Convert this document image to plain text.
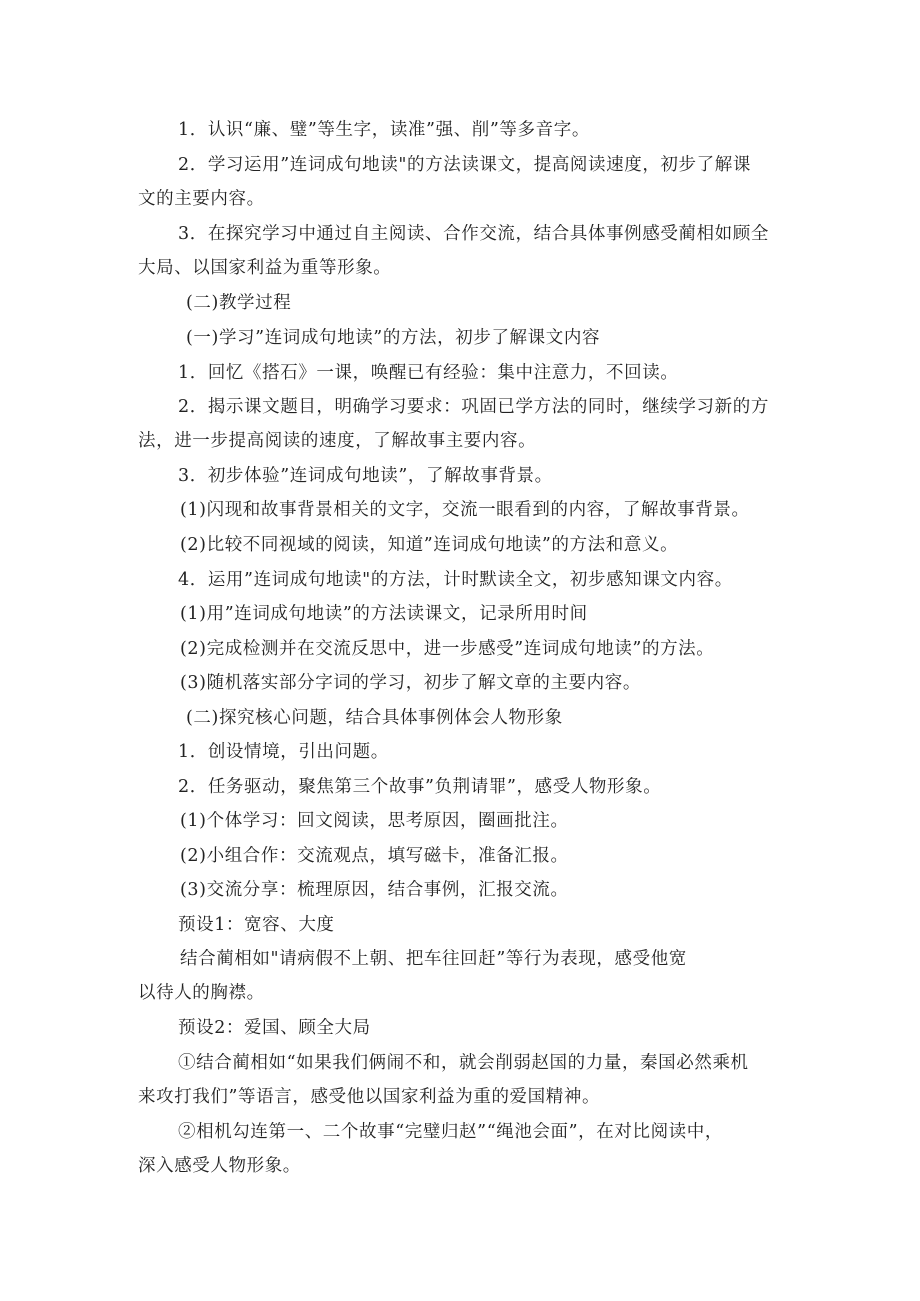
1．认识“廉、璧”等生字，读准”强、削”等多音字。
2．学习运用”连词成句地读"的方法读课文，提高阅读速度，初步了解课
文的主要内容。
3．在探究学习中通过自主阅读、合作交流，结合具体事例感受蔺相如顾全
大局、以国家利益为重等形象。
(二)教学过程
(一)学习”连词成句地读”的方法，初步了解课文内容
1．回忆《搭石》一课，唤醒已有经验：集中注意力，不回读。
2．揭示课文题目，明确学习要求：巩固已学方法的同时，继续学习新的方
法，进一步提高阅读的速度，了解故事主要内容。
3．初步体验”连词成句地读”，了解故事背景。
(1)闪现和故事背景相关的文字，交流一眼看到的内容，了解故事背景。
(2)比较不同视域的阅读，知道”连词成句地读”的方法和意义。
4．运用”连词成句地读"的方法，计时默读全文，初步感知课文内容。
(1)用”连词成句地读”的方法读课文，记录所用时间
(2)完成检测并在交流反思中，进一步感受”连词成句地读”的方法。
(3)随机落实部分字词的学习，初步了解文章的主要内容。
(二)探究核心问题，结合具体事例体会人物形象
1．创设情境，引出问题。
2．任务驱动，聚焦第三个故事”负荆请罪”，感受人物形象。
(1)个体学习：回文阅读，思考原因，圈画批注。
(2)小组合作：交流观点，填写磁卡，准备汇报。
(3)交流分享：梳理原因，结合事例，汇报交流。
预设1：宽容、大度
结合蔺相如"请病假不上朝、把车往回赶”等行为表现，感受他宽
以待人的胸襟。
预设2：爱国、顾全大局
①结合蔺相如“如果我们俩闹不和，就会削弱赵国的力量，秦国必然乘机
来攻打我们”等语言，感受他以国家利益为重的爱国精神。
②相机勾连第一、二个故事“完璧归赵”“绳池会面”，在对比阅读中，
深入感受人物形象。
